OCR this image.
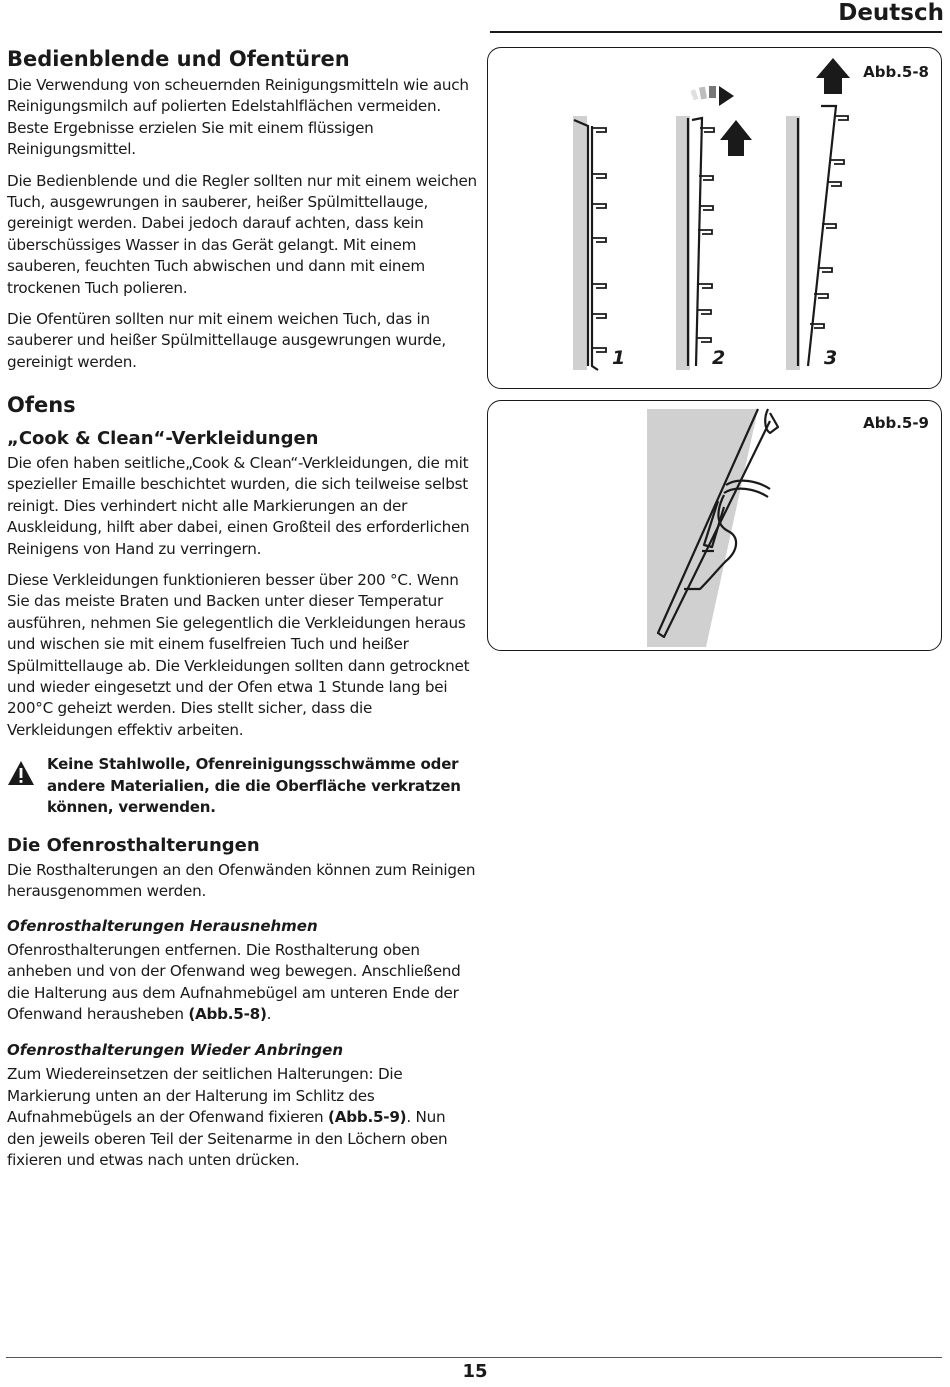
Deutsch
Bedienblende und Ofentüren

Die Verwendung von scheuernden Reinigungsmitteln wie auch Reinigungsmilch auf polierten Edelstahlflächen vermeiden. Beste Ergebnisse erzielen Sie mit einem flüssigen Reinigungsmittel.

Die Bedienblende und die Regler sollten nur mit einem weichen Tuch, ausgewrungen in sauberer, heißer Spülmittellauge, gereinigt werden. Dabei jedoch darauf achten, dass kein überschüssiges Wasser in das Gerät gelangt. Mit einem sauberen, feuchten Tuch abwischen und dann mit einem trockenen Tuch polieren.

Die Ofentüren sollten nur mit einem weichen Tuch, das in sauberer und heißer Spülmittellauge ausgewrungen wurde, gereinigt werden.

Ofens
„Cook & Clean“-Verkleidungen

Die ofen haben seitliche„Cook & Clean“-Verkleidungen, die mit spezieller Emaille beschichtet wurden, die sich teilweise selbst reinigt. Dies verhindert nicht alle Markierungen an der Auskleidung, hilft aber dabei, einen Großteil des erforderlichen Reinigens von Hand zu verringern.

Diese Verkleidungen funktionieren besser über 200 °C. Wenn Sie das meiste Braten und Backen unter dieser Temperatur ausführen, nehmen Sie gelegentlich die Verkleidungen heraus und wischen sie mit einem fuselfreien Tuch und heißer Spülmittellauge ab. Die Verkleidungen sollten dann getrocknet und wieder eingesetzt und der Ofen etwa 1 Stunde lang bei 200°C geheizt werden. Dies stellt sicher, dass die Verkleidungen effektiv arbeiten.

Keine Stahlwolle, Ofenreinigungsschwämme oder andere Materialien, die die Oberfläche verkratzen können, verwenden.
Die Ofenrosthalterungen

Die Rosthalterungen an den Ofenwänden können zum Reinigen herausgenommen werden.

Ofenrosthalterungen Herausnehmen

Ofenrosthalterungen entfernen. Die Rosthalterung oben anheben und von der Ofenwand weg bewegen. Anschließend die Halterung aus dem Aufnahmebügel am unteren Ende der Ofenwand herausheben (Abb.5-8).

Ofenrosthalterungen Wieder Anbringen

Zum Wiedereinsetzen der seitlichen Halterungen: Die Markierung unten an der Halterung im Schlitz des Aufnahmebügels an der Ofenwand fixieren (Abb.5-9). Nun den jeweils oberen Teil der Seitenarme in den Löchern oben fixieren und etwas nach unten drücken.

Abb.5-8
1	2	3
Abb.5-9
15
